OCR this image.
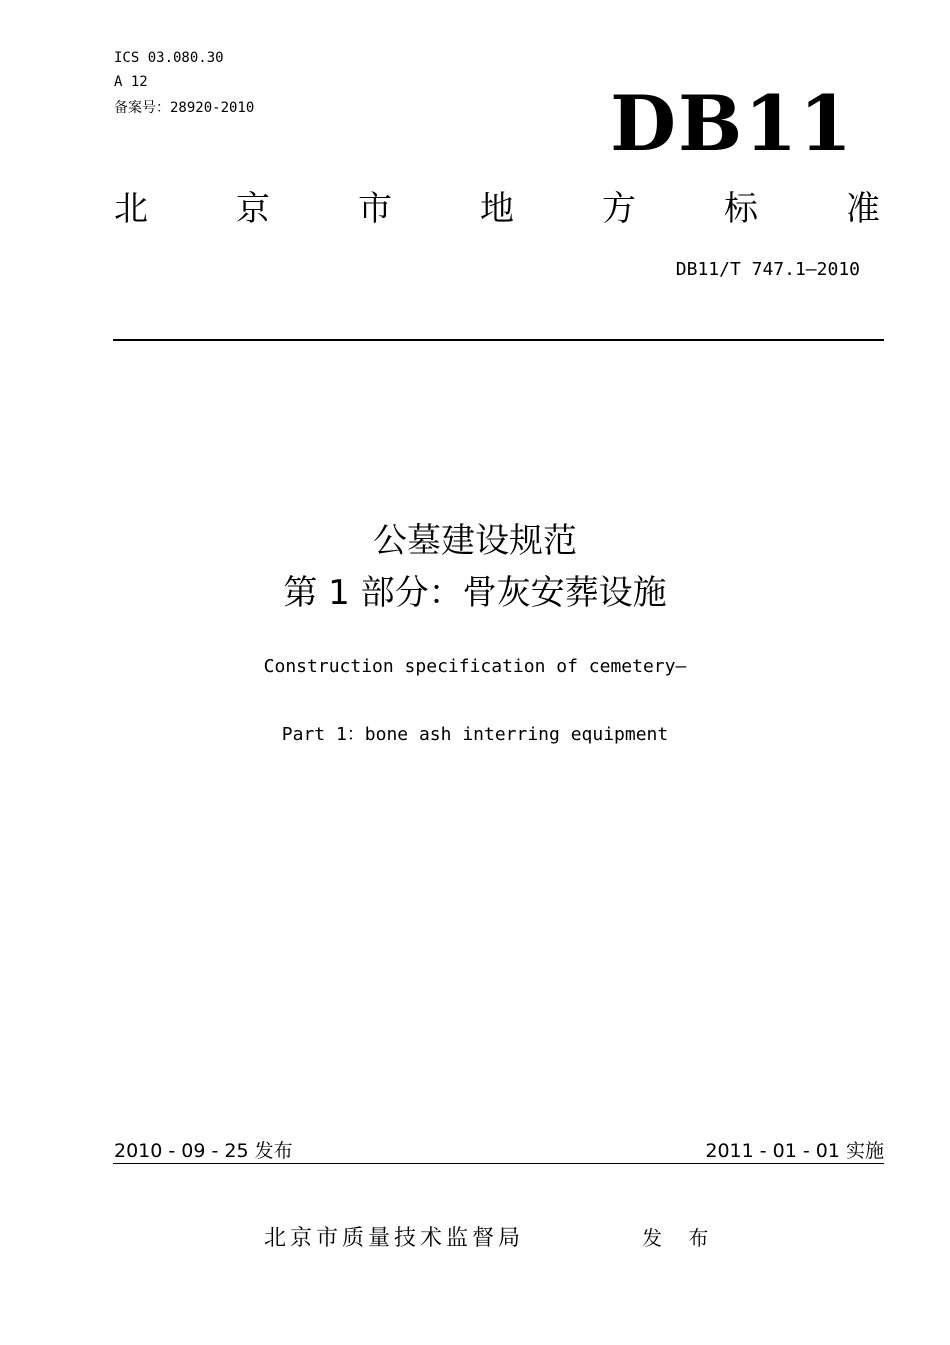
ICS 03.080.30
A 12
备案号：28920-2010	DB11
北	京	市	地	方	标	准
DB11/T 747.1—2010
公墓建设规范
第 1 部分：骨灰安葬设施
Construction specification of cemetery—
Part 1：bone ash interring equipment
2010 - 09 - 25 发布	2011 - 01 - 01 实施
北京市质量技术监督局	发 布
